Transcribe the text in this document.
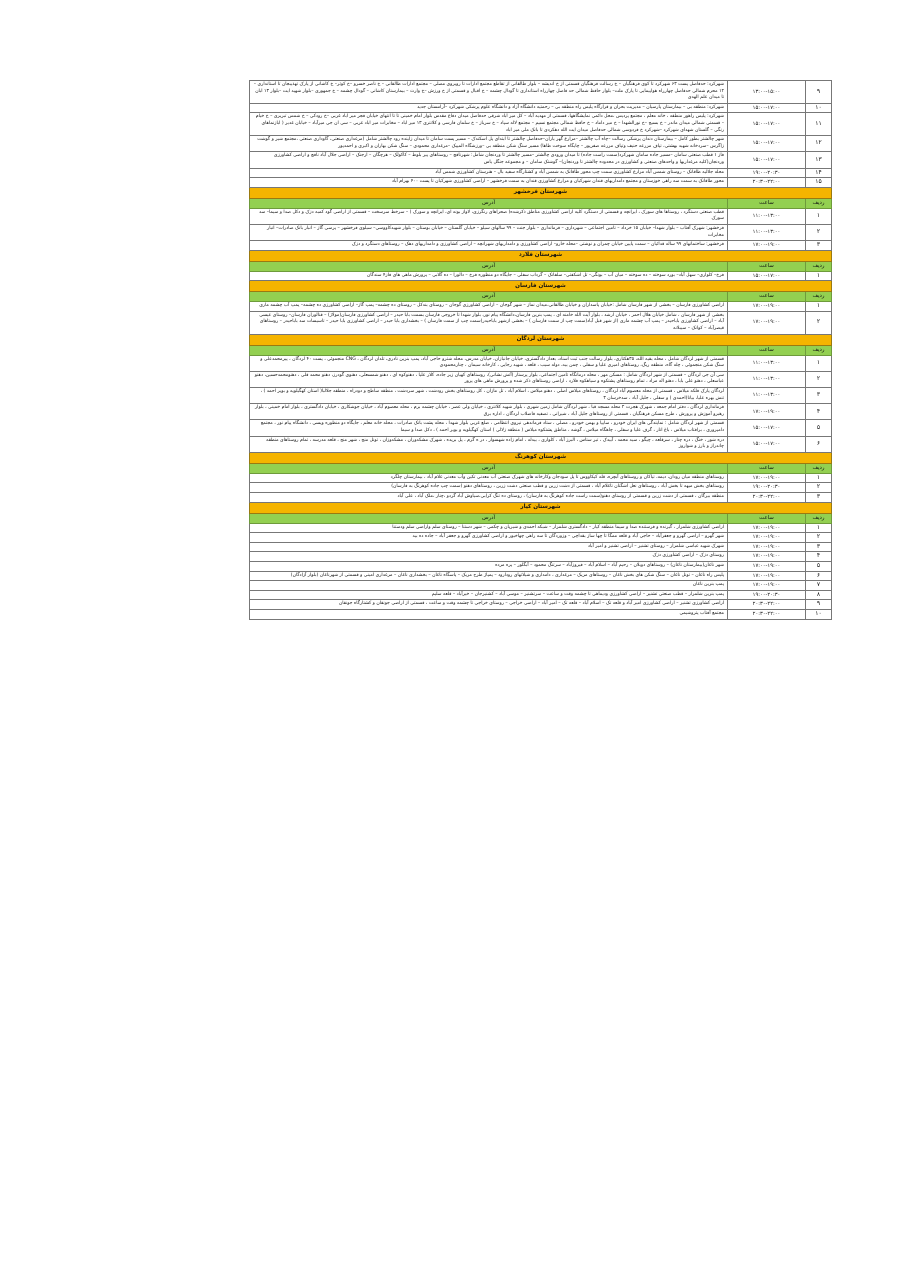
۹	۱۳:۰۰-۱۵:۰۰	شهرکرد: حدفاصل پست ۶۳ شهرکرد تا کوی فرهنگیان – خ رسالت فرهنگیان قسمتی از خ اندیشه – بلوار طالقانی از تقاطع مجتمع ادارات تا رویروی مصلی – مجتمع ادارات طالقانی – خ ناصر خسرو –خ کوثر– خ کاشانی از پارک تهذیبجان تا استانداری – ۱۲ محرم شمالی حدفاصل چهارراه هواپیمایی تا پارک ملت– بلوار حافظ شمالی حد فاصل چهارراه استانداری تا گودال چشمه – خ اقبال و قسمتی از خ ورزش –خ وارث – بیمارستان کاشانی – گودال چشمه – خ جمهوری –بلوار شهید ایت –بلوار ۱۳ ابان تا میدان علم الهدی
۱۰	۱۵:۰۰-۱۷:۰۰	شهرکرد: منطقه بی – بیمارستان پارسیان – مدیریت بحران و قرارگاه پلیس راه منطقه بی – رحمتیه دانشگاه آزاد و دانشگاه علوم پزشکی شهرکرد –آرامستان جدید
۱۱	۱۵:۰۰-۱۷:۰۰	شهرکرد: پلیس راهور منطقه ، خانه معلم ، مجتمع پردیس ،محل دائمی نمایشگاهها، قسمتی از مهدیه آباد – کل میر اباد شرقی حدفاصل میدان دفاع مقدس بلوار امام خمینی تا تا انتهای خیابان فجر میر اباد غربی –خ رودکی – خ شمس تبریزی – خ خیام – قسمتی شمالی میدان ماندر – خ بسیج –خ نورالشهدا – خ میر داماد – خ حافظ شمالی مجتمع نسیم – مجتمع لاله سپاد – خ سرباز – خ سلمان فارسی و کلانتری ۱۳ میر اباد – مخابرات میر اباد غربی – سی ان جی میرآباد – خیابان غدیر ( ابازنماهای رنگی – گلستان شهدای شهرکرد –شهرکرد خ فردوسی شمالی حدفاصل میدان ایت الله دهکردی تا بانک ملی میر اباد
۱۲	۱۵:۰۰-۱۷:۰۰	شهر چالشتر بطور کامل – بیمارستان دندان پزشکی رسالت –چاه آب چالشتر –مزارع گهر یاران–حدفاصل چالشتر تا ابتدای پل اسکندک – مسیر پست سامان تا میدان زاینده رود چالشتر شامل (مرغداری صنعتی، گاوداری صنعتی ،مجتمع شیر و گوشت زاگرس –سردخانه شهید بهشتی، تپاف مزرعه حنیف وتپاف مزرعه صفرپور – چایگاه سوخت طاها) مسیر سنگ شکن منطقه بی –ورزشگاه المپیک –مرغداری محمودی – سنگ شکن بهاران و اکبری و احمدپور
۱۳	۱۵:۰۰-۱۷:۰۰	فاز ۱ قطب صنعتی سامان –مسیر جاده سامان شهرکرد(سمت راست جاده) تا میدان ورودی چالشتر –مسیر چالشتر تا وردنجان شامل: شهرنافچ – روستاهای پیر بلوط – کاکولک – هرچگان – ارجنک – اراضی جلال آباد نافچ و اراضی کشاورزی وردنجان(کلیه مرغداریها و واحدهای صنعتی و کشاورزی در محدوده چالشتر تا وردنجان)– گوشتک سامان – و مجموعه جنگل یاس
۱۴	۱۹:۰۰-۲۰:۳۰	محله جلالیه طاقانک – روستای شمس آباد مزارع کشاورزی سمت چپ محور طاقانک به شمس آباد و کشتارگاه سفید بال – هنرستان کشاورزی شمس آباد
۱۵	۲۰:۳۰-۲۲:۰۰	محور طاقانک به سمت سه راهی خوزستان و مجتمع دامداریهای قندان شهرکیان و مزارع کشاورزی قندان به سمت فرخشهر – اراضی کشاورزی شهرکیان تا پست ۴۰۰ بهرام آباد
شهرستان فرخشهر		
ردیف	ساعت	آدرس
۱	۱۱:۰۰-۱۳:۰۰	قطب صنعتی دستگرد ، روستاها های سورک ، ایرانچه و قسمتی از دستگرد کلیه اراضی کشاورزی مناطق ذکرشده( صحراهای رنگرزی، لاواز بونه ای، ایرانچه و سورک ) – سرخط سرسخت – قسمتی از اراضی گود کمبه دزک و دکل صدا و سیما– سد سورک
۲	۱۱:۰۰-۱۳:۰۰	فرخشهر: شهرک آفتاب – بلوار شهدا– خیابان ۱۵ خرداد – تامین اجتماعی – شهرداری – فرمانداری – بلوار جنت – ۹۹ سالهای سیلو – خیابان گلستان – خیابان بوستان – بلوار شهیدکاووسی– سیلوی فرخشهر – پرسی گاز – انبار بانک صادرات– انبار مخابرات
۳	۱۷:۰۰-۱۹:۰۰	فرخشهر: ساختمانهای ۹۹ ساله قدائیان – سمت پایین خیابان چمران و نوشتی –محله خارو– اراضی کشاورزی و دامداریهای شهرانچه – اراضی کشاورزی و دامداریهای دهک – روستاهای دستگرد و دزک
شهرستان فلارد		
ردیف	ساعت	آدرس
۱	۱۵:۰۰-۱۷:۰۰	فرخ– کلواری– سهل آباد– بورد سوخته – ده سوخته – میان آب – بونگی– تل اشکفتی– سلفانک – گرداب سفلی – جایگاه دو منظوره فرخ – دالورا – ده گلابی – پرورش ماهی های فاز۴ سندگان
شهرستان فارسان		
ردیف	ساعت	آدرس
۱	۱۷:۰۰-۱۹:۰۰	اراضی کشاورزی فارسان – بخشی از شهر فارسان شامل :خیابان پاسداران و خیابان طالقانی،میدان نماز – شهر گوجان – اراضی کشاورزی گوجان – روستای بندکل – روستای ده چشمه– پمپ گاز– اراضی کشاورزی ده چشمه– پمپ آب چشمه ماری
۲	۱۷:۰۰-۱۹:۰۰	بخشی از شهر فارسان ، شامل خیابان هلال احمر ، خیابان ارشد ، بلوار آیت الله خامنه ای ، پمپ بنزین فارسان،دانشگاه پیام نور، بلوار شهدا تا خروجی فارسان بسمت بابا حیدر – اراضی کشاورزی فارسان(مولاژ) – قنالوران فارسان– روستای عیسی آباد – اراضی کشاورزی باباحیدر – پمپ آب چشمه ماری (از شهر قبل آباد(سمت چپ از سمت فارسان ) – بخشی ازشهر باباحیدر(سمت چپ از سمت فارسان ) – بخشداری بابا حیدر – اراضی کشاورزی بابا حیدر – تاسیسات سد باباحیدر – روستاهای قیصرآباد – کوانک – سیبلانه
شهرستان لردگان		
ردیف	ساعت	آدرس
۱	۱۱:۰۰-۱۳:۰۰	قسمتی از شهر لردگان شامل ، محله بقیه الله، ۳۵هکتاری، بلوار رسالت جنب ثبت اسناد، بعداز دادگستری، خیابان جانبازان، خیابان مدرس، محله شترو حاجی آباد، پمپ بنزین نادری، تلدان لردگان ، CNG منجموئی ، پست ۴۰ لردگان ، پیرمحمدعلی و سنگ شکن منجموئی ، چله گاه، منطقه ریگ، روستاهای امیری علیا و سفلی ، چمن بید، دوله سیب ، قلعه ، شهید رجایی ، کارخانه سیمان ، چنارمحمودی
۲	۱۱:۰۰-۱۳:۰۰	سی آن جی لردگان – قسمتی از شهر لردگان شامل : مسکن مهر ، محله درمانگاه تامین اجتماعی، بلوار پرستار (آتش نشانی)، روستاهای کهیان زیر جاده، کلار علیا ، دهنوکوه ای ، دهنو شمسعلی، دهنوی گودرز، دهنو محمد قلی ، دهنومحمدحسین، دهنو عباسعلی ، دهنو علی بابا ، دهنو اله مراد ، تمام روستاهای پشتکوه و سیاهکوه فلارد ، اراضی روستاهای ذکر شده و پرورش ماهی های پرور
۳	۱۱:۰۰-۱۳:۰۰	لردگان پارک فلکه میلاس ، قسمتی از محله معصوم آباد لردگان ، روستاهای میلاس اصلی ، دهنو میلاس ، اسلام آباد ، تل مازان ، کل روستاهای بخش رودشت ، شهر سردشت ، منطقه ساطح و دودراه ، منطقه جلالبا( استان کهگیلویه و بویر احمد ) ، تنش بهره علیا، بیانا(احمدی ) و سفلی ، جلیل آباد ، سدخرسان ۳
۴	۱۷:۰۰-۱۹:۰۰	فرمانداری لردگان ، دفتر امام جمعه ، شهرک هجرت ۲ محله مسجد قبا ، شهر لردگان شامل زمین شهری ، بلوار شهید کلانتری ، خیابان ولی عصر ، خیابان چشمه برم ، محله معصوم آباد ، خیابان جوشکاری ، خیابان دادگستری ، بلوار امام خمینی ، بلوار رهبرو آموزش و پرورش ، طرح مسکن فرهنگیان ، قسمتی از روستاهای جلیل آباد ، شیرانی ، تصفیه فاضلاب لردگان ، اداره برق
۵	۱۵:۰۰-۱۷:۰۰	قسمتی از شهر لردگان شامل : نمایندگی های ایران خودرو ، سایپا و بهمن خودرو ، مصلی ، ستاد فرماندهی نیروی انتظامی ، ضلع غربی بلوار شهدا ، محله پشت بانک صادرات ، محله خانه معلم ، جایگاه دو منظوره ویسی ، دانشگاه پیام نور ، مجتمع دامپروری ، برافتاب میلاس ، باغ انار ، گرف علیا و سفلی ، چاهگاه میلاس ، گوشه ، مناطق پشتکوه میلاس ( منطقه زلالی ) استان کهگیلویه و بویر احمد ) ، دکل صدا و سیما
۶	۱۵:۰۰-۱۷:۰۰	دره شور ، خنگ ، دره چنار ، سرقلعه ، چیگو ، سید محمد ، آبیدک ، تیر ستاس ، البرز آباد ، کلواری ، بیدله ، امام زاده شهسوار ، در ه گرم ، پل بریده ، شهرک مشکدوران ، مشکدوزان ، تونل منج ، شهر منج ، قلعه مدرسه ، تمام روستاهای منطقه چاندراز و بارز و شواروز
شهرستان کوهرنگ		
ردیف	ساعت	آدرس
۱	۱۷:۰۰-۱۹:۰۰	روستاهای منطقه میان رودان، دیمه، تیاکان و روستاهای آبچره، قله کیکاووس تا پل سودجان وکارخانه های شهرک صنعتی آب معدنی تکین وآب معدنی غلام آباد ، بیمارستان چلگرد
۲	۱۹:۰۰-۲۰:۳۰	روستاهای بخش میهه تا بخش آباد ، روستاهای نعل اشگنان تاغلام آباد ، قسمتی از دشت زرین و قطب صنعتی دشت زرین ، روستاهای دهنو (سمت چپ جاده کوهرنگ به فارسان)
۳	۲۰:۳۰-۲۲:۰۰	منطقه بیرگان ، قسمتی از دشت زرین و قسمتی از روستای دهنو(سمت راست جاده کوهرنگ به فارسان) ، روستای ده تنگ کرابی،سیاوش آباد گردو ،چنار ،ملک آباد ، علی آباد
شهرستان کیار		
ردیف	ساعت	آدرس
۱	۱۷:۰۰-۱۹:۰۰	اراضی کشاورزی شلمزار ، گیرنده و فرستنده صدا و سیما منطقه کیار – دادگستری شلمزار – شبکه احمدی و شیرپان و چکمی – شهر دستنا – روستای سلم واراضی سلم ودستنا
۲	۱۷:۰۰-۱۹:۰۰	شهر گهرو – اراضی گهرو و جعفرآباد – حاجی آباد و قلعه ممگا تا چها ساز بقداچی – وزوردگان تا سه راهی چهاخیور و اراضی کشاورزی گهرو و جعفر آباد – جاده ده بید
۳	۱۷:۰۰-۱۹:۰۰	شهرک شهید عباسی شلمزار – روستای تشنیز – اراضی تشنیز و امیر آباد
۴	۱۷:۰۰-۱۹:۰۰	روستای دزک – اراضی کشاورزی دزک
۵	۱۷:۰۰-۱۹:۰۰	شهر ناغان(بیمارستان ناغان) – روستاهای دوبلان – رحیم آباد – اسلام آباد – فیروزآباد – سرتنگ محمود – آبگلور – پره مرده
۶	۱۷:۰۰-۱۹:۰۰	پلیس راه ناغان – تونل ناغان – سنگ شکن های بخش ناغان – روستاهای مزیک – مرغداری ، دامداری و شیلاتهای رودارود – پمپاژ طرح مزیک – پاسگاه ناغان – بخشداری ناغان – مرغداری امینی و قسمتی از شهرناغان (بلوار آزادگان)
۷	۱۷:۰۰-۱۹:۰۰	پمپ بنزین ناغان
۸	۱۹:۰۰-۲۰:۳۰	پمپ بنزین شلمزار – قطب صنعتی تشنیز – اراضی کشاورزی ودیماهی تا چشمه وقت و ساعت – سرتشنیز – موسی آباد – کشنیزجان – خیرآباد – قلعه سلیم
۹	۲۰:۳۰-۲۲:۰۰	اراضی کشاورزی تشنیز – اراضی کشاورزی امیر آباد و قلعه تک – اسلام آباد – قلعه تک – امیر آباد – اراضی خراجی – روستای خراجی تا چشمه وقت و ساعت ، قسمتی از اراضی جونقان و کشتارگاه جونقان
۱۰	۲۰:۳۰-۲۲:۰۰	مجتمع آفتاب پتروشیمی
